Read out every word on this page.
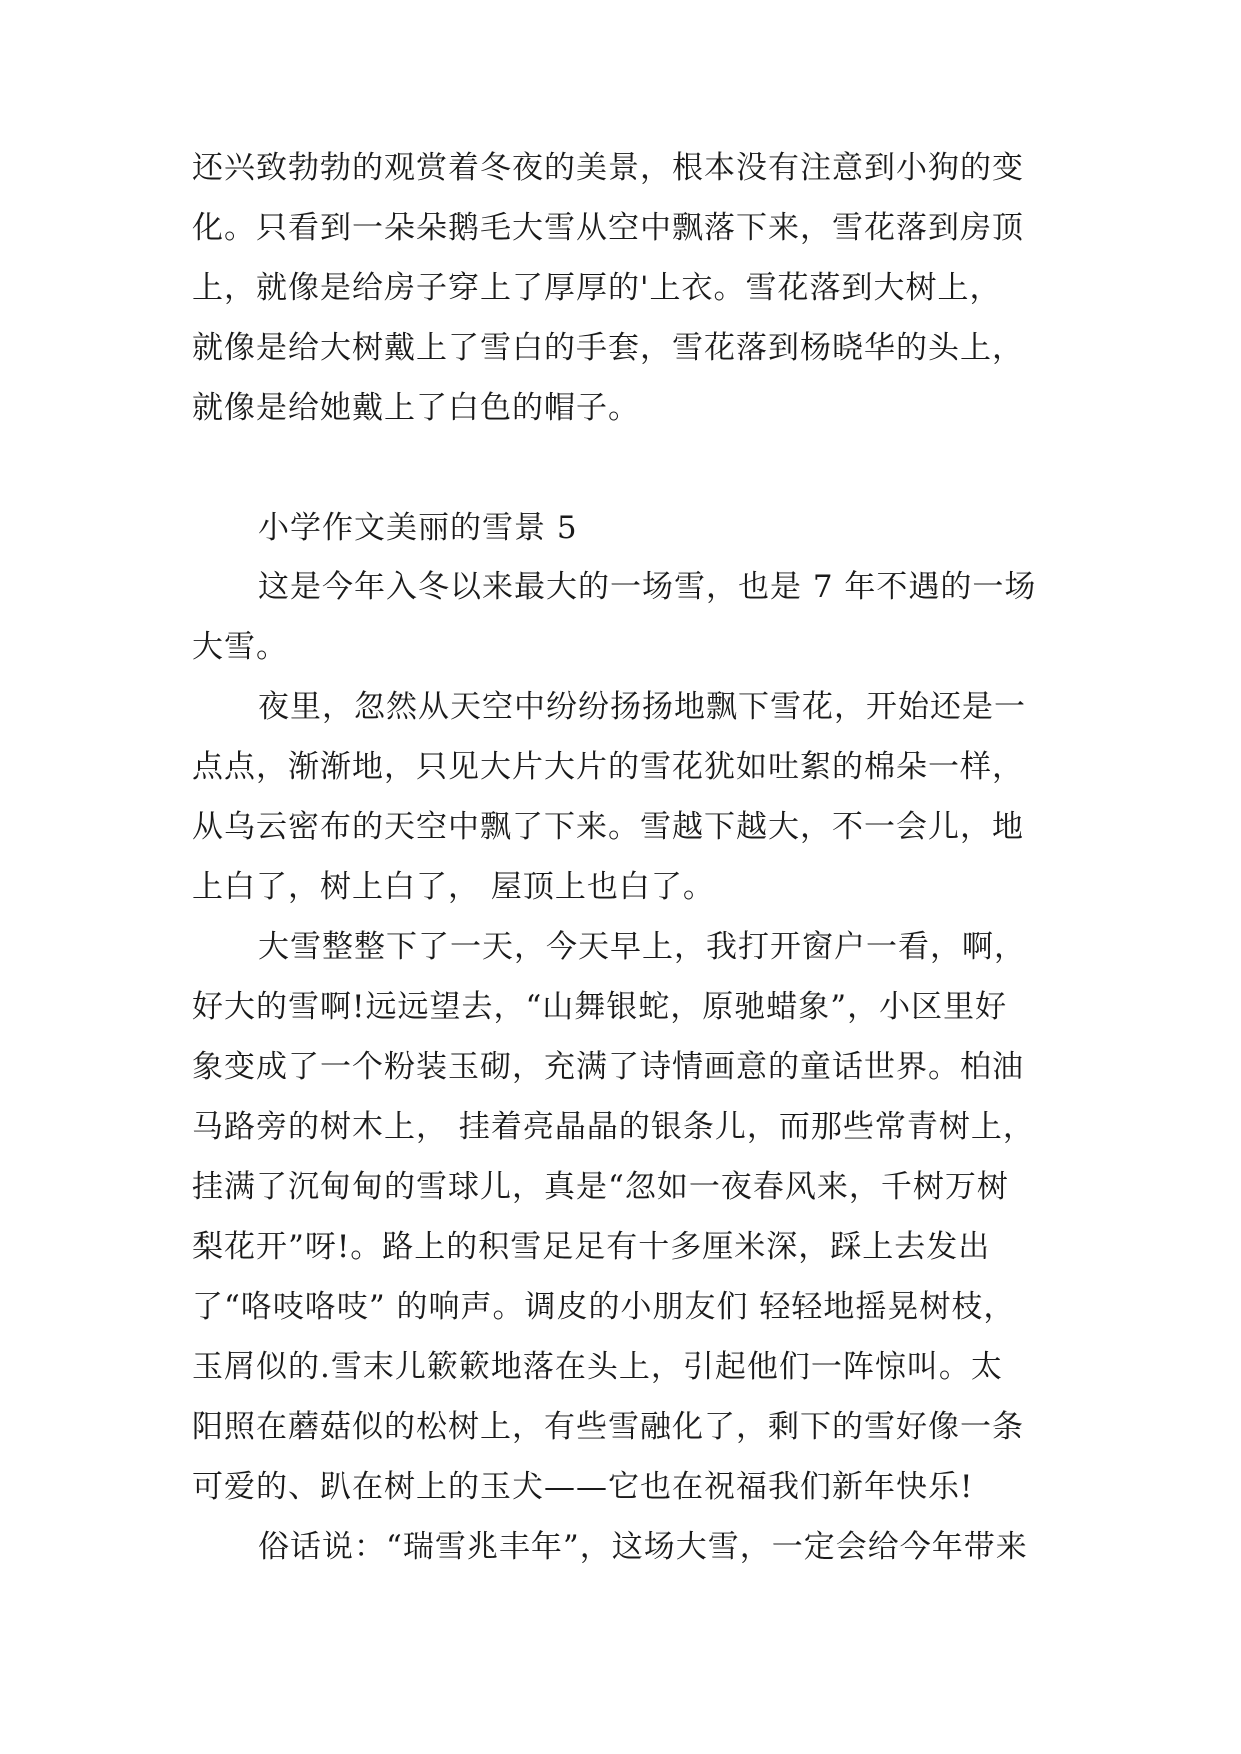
还兴致勃勃的观赏着冬夜的美景，根本没有注意到小狗的变
化。只看到一朵朵鹅毛大雪从空中飘落下来，雪花落到房顶
上，就像是给房子穿上了厚厚的'上衣。雪花落到大树上，
就像是给大树戴上了雪白的手套，雪花落到杨晓华的头上，
就像是给她戴上了白色的帽子。
小学作文美丽的雪景 5
这是今年入冬以来最大的一场雪，也是 7 年不遇的一场
大雪。
夜里，忽然从天空中纷纷扬扬地飘下雪花，开始还是一
点点，渐渐地，只见大片大片的雪花犹如吐絮的棉朵一样，
从乌云密布的天空中飘了下来。雪越下越大，不一会儿，地
上白了，树上白了， 屋顶上也白了。
大雪整整下了一天，今天早上，我打开窗户一看，啊，
好大的雪啊!远远望去，“山舞银蛇，原驰蜡象”，小区里好
象变成了一个粉装玉砌，充满了诗情画意的童话世界。柏油
马路旁的树木上， 挂着亮晶晶的银条儿，而那些常青树上，
挂满了沉甸甸的雪球儿，真是“忽如一夜春风来，千树万树
梨花开”呀!。路上的积雪足足有十多厘米深，踩上去发出
了“咯吱咯吱” 的响声。调皮的小朋友们 轻轻地摇晃树枝，
玉屑似的.雪末儿簌簌地落在头上，引起他们一阵惊叫。太
阳照在蘑菇似的松树上，有些雪融化了，剩下的雪好像一条
可爱的、趴在树上的玉犬——它也在祝福我们新年快乐!
俗话说：“瑞雪兆丰年”，这场大雪，一定会给今年带来
